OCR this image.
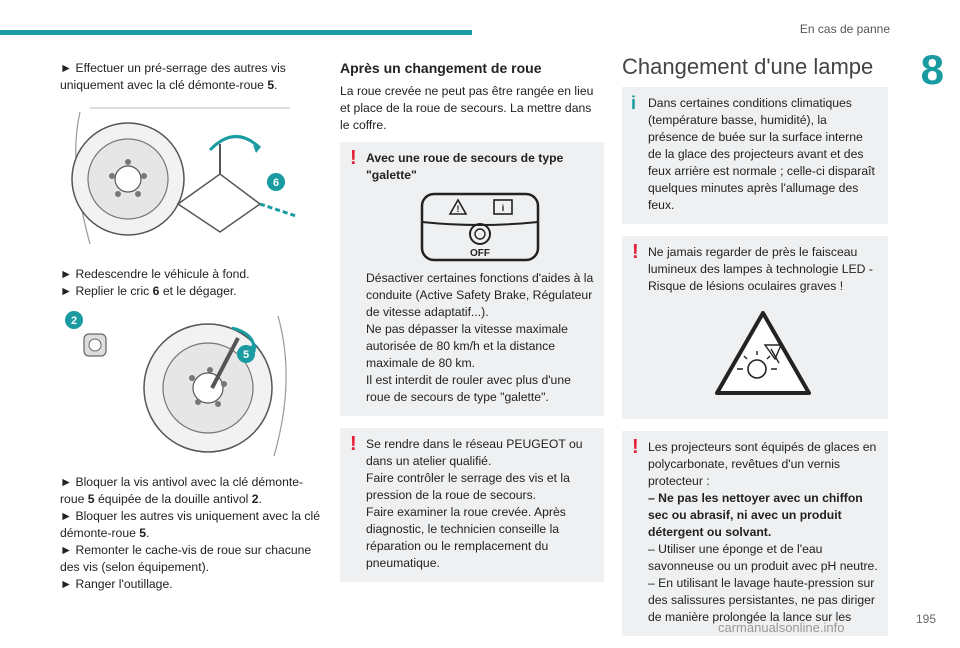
En cas de panne
8

► Effectuer un pré-serrage des autres vis uniquement avec la clé démonte-roue 5.

6

► Redescendre le véhicule à fond.

► Replier le cric 6 et le dégager.

2
5

► Bloquer la vis antivol avec la clé démonte-roue 5 équipée de la douille antivol 2.

► Bloquer les autres vis uniquement avec la clé démonte-roue 5.

► Remonter le cache-vis de roue sur chacune des vis (selon équipement).

► Ranger l'outillage.

Après un changement de roue

La roue crevée ne peut pas être rangée en lieu et place de la roue de secours. La mettre dans le coffre.

! Avec une roue de secours de type "galette"

!	i
OFF

Désactiver certaines fonctions d'aides à la conduite (Active Safety Brake, Régulateur de vitesse adaptatif...).

Ne pas dépasser la vitesse maximale autorisée de 80 km/h et la distance maximale de 80 km.

Il est interdit de rouler avec plus d'une roue de secours de type "galette".

! Se rendre dans le réseau PEUGEOT ou dans un atelier qualifié.

Faire contrôler le serrage des vis et la pression de la roue de secours.

Faire examiner la roue crevée. Après diagnostic, le technicien conseille la réparation ou le remplacement du pneumatique.

Changement d'une lampe
i Dans certaines conditions climatiques (température basse, humidité), la présence de buée sur la surface interne de la glace des projecteurs avant et des feux arrière est normale ; celle-ci disparaît quelques minutes après l'allumage des feux.

! Ne jamais regarder de près le faisceau lumineux des lampes à technologie LED - Risque de lésions oculaires graves !

! Les projecteurs sont équipés de glaces en polycarbonate, revêtues d'un vernis protecteur :

– Ne pas les nettoyer avec un chiffon sec ou abrasif, ni avec un produit détergent ou solvant.

– Utiliser une éponge et de l'eau savonneuse ou un produit avec pH neutre.

– En utilisant le lavage haute-pression sur des salissures persistantes, ne pas diriger de manière prolongée la lance sur les	195
carmanualsonline.info
